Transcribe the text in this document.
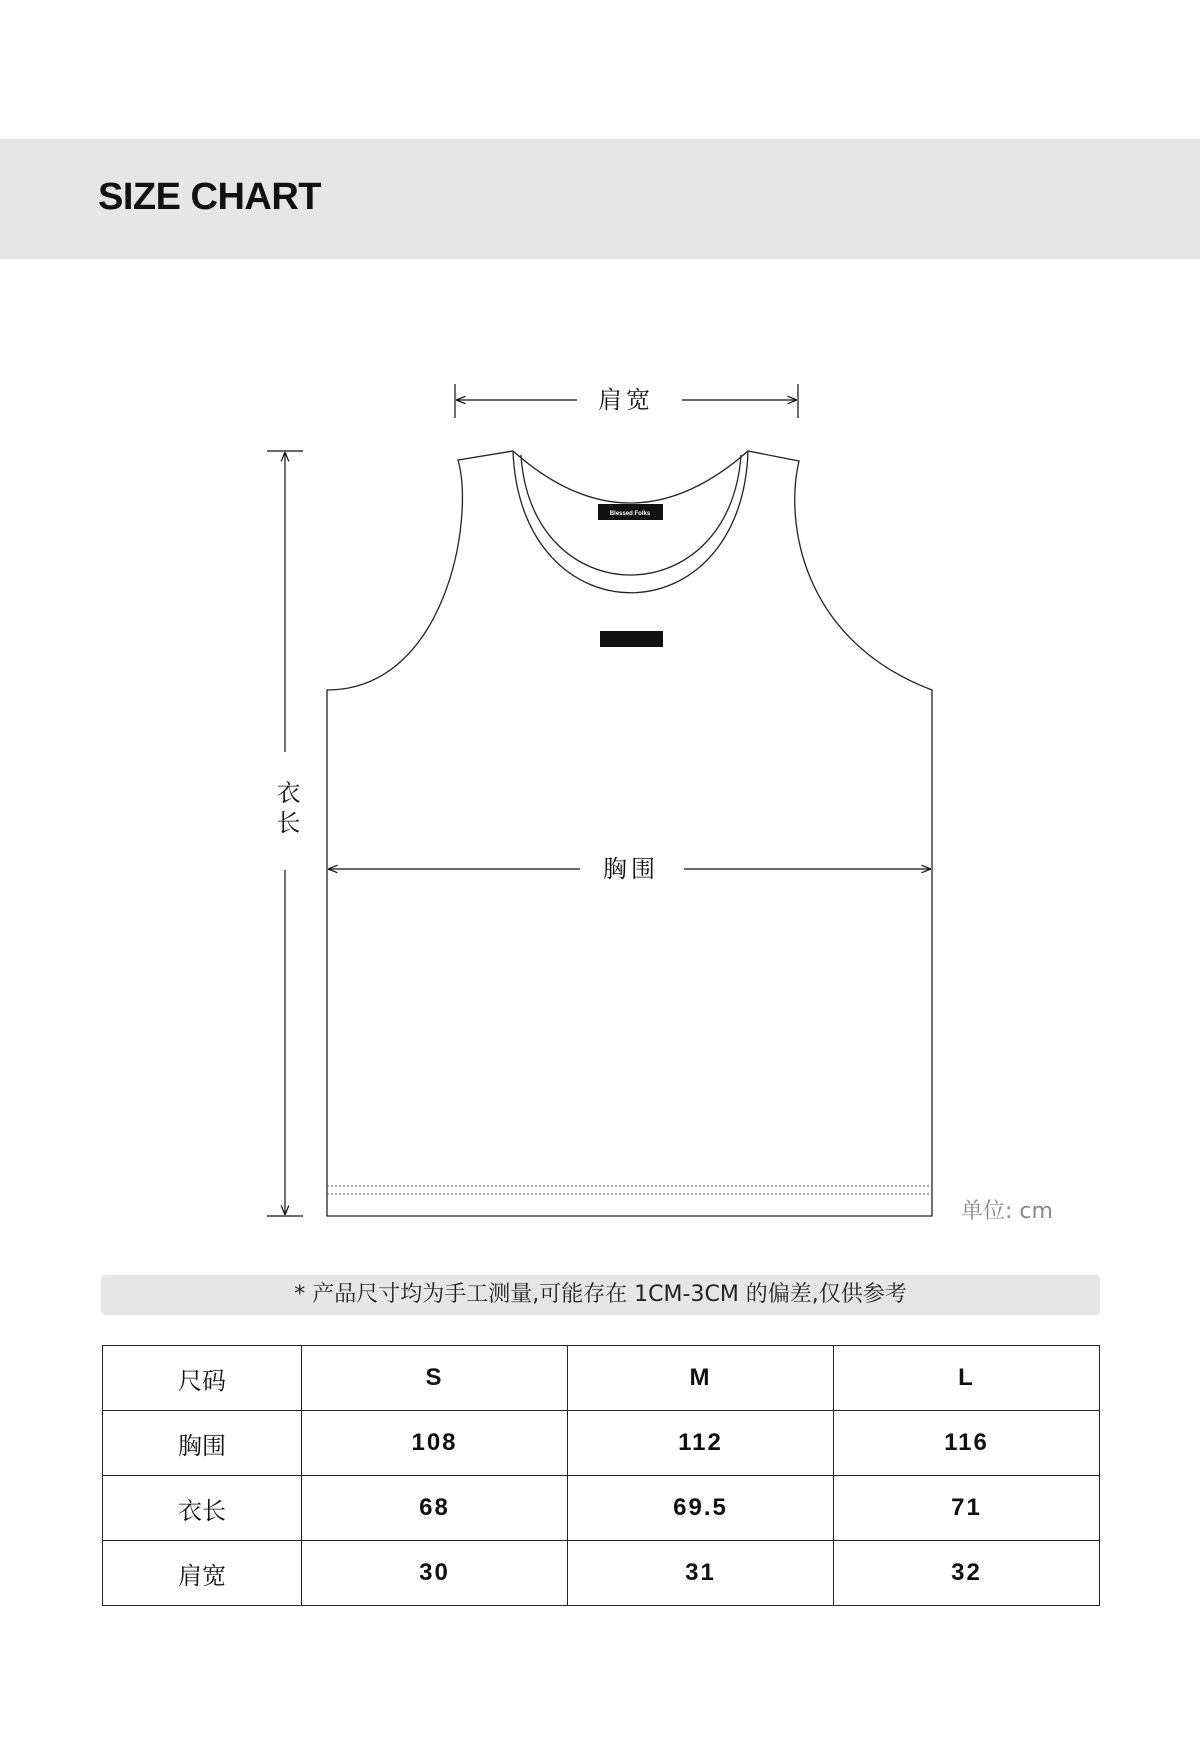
SIZE CHART
Blessed Folks
肩宽
胸围
衣长
单位: cm
* 产品尺寸均为手工测量,可能存在 1CM-3CM 的偏差,仅供参考
尺码	S	M	L
胸围	108	112	116
衣长	68	69.5	71
肩宽	30	31	32
